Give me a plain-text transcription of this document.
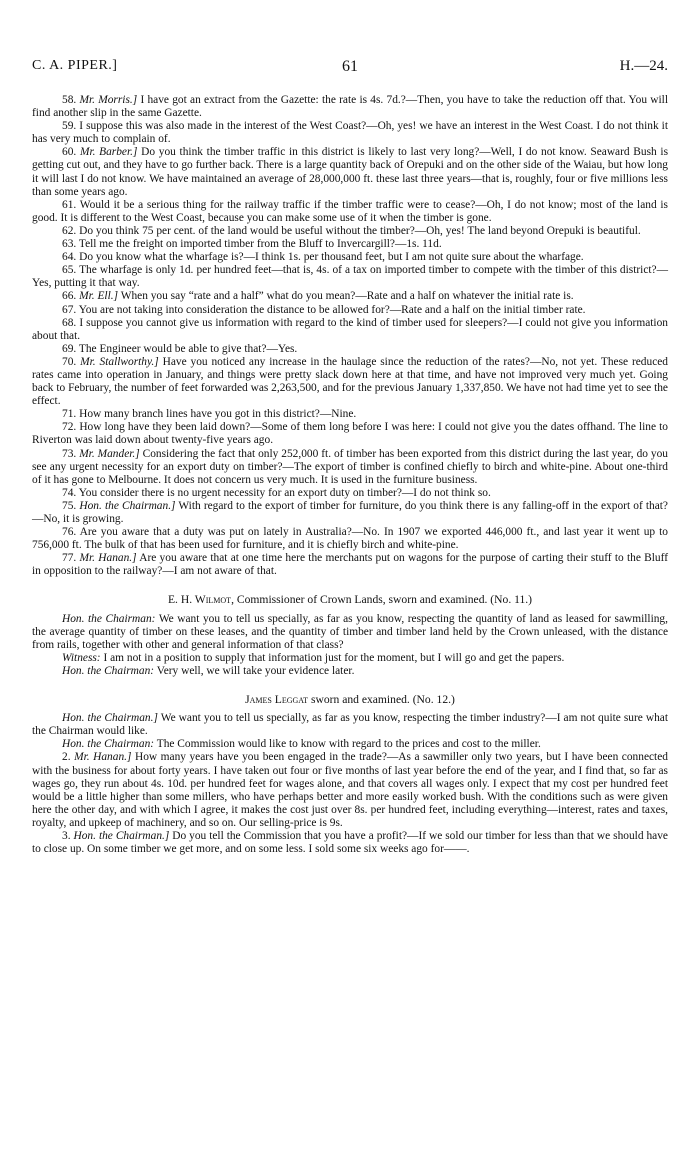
C. A. PIPER.]	61	H.—24.

58. Mr. Morris.] I have got an extract from the Gazette: the rate is 4s. 7d.?—Then, you have to take the reduction off that. You will find another slip in the same Gazette.

59. I suppose this was also made in the interest of the West Coast?—Oh, yes! we have an interest in the West Coast. I do not think it has very much to complain of.

60. Mr. Barber.] Do you think the timber traffic in this district is likely to last very long?—Well, I do not know. Seaward Bush is getting cut out, and they have to go further back. There is a large quantity back of Orepuki and on the other side of the Waiau, but how long it will last I do not know. We have maintained an average of 28,000,000 ft. these last three years—that is, roughly, four or five millions less than some years ago.

61. Would it be a serious thing for the railway traffic if the timber traffic were to cease?—Oh, I do not know; most of the land is good. It is different to the West Coast, because you can make some use of it when the timber is gone.

62. Do you think 75 per cent. of the land would be useful without the timber?—Oh, yes! The land beyond Orepuki is beautiful.

63. Tell me the freight on imported timber from the Bluff to Invercargill?—1s. 11d.

64. Do you know what the wharfage is?—I think 1s. per thousand feet, but I am not quite sure about the wharfage.

65. The wharfage is only 1d. per hundred feet—that is, 4s. of a tax on imported timber to compete with the timber of this district?—Yes, putting it that way.

66. Mr. Ell.] When you say “rate and a half” what do you mean?—Rate and a half on whatever the initial rate is.

67. You are not taking into consideration the distance to be allowed for?—Rate and a half on the initial timber rate.

68. I suppose you cannot give us information with regard to the kind of timber used for sleepers?—I could not give you information about that.

69. The Engineer would be able to give that?—Yes.

70. Mr. Stallworthy.] Have you noticed any increase in the haulage since the reduction of the rates?—No, not yet. These reduced rates came into operation in January, and things were pretty slack down here at that time, and have not improved very much yet. Going back to February, the number of feet forwarded was 2,263,500, and for the previous January 1,337,850. We have not had time yet to see the effect.

71. How many branch lines have you got in this district?—Nine.

72. How long have they been laid down?—Some of them long before I was here: I could not give you the dates offhand. The line to Riverton was laid down about twenty-five years ago.

73. Mr. Mander.] Considering the fact that only 252,000 ft. of timber has been exported from this district during the last year, do you see any urgent necessity for an export duty on timber?—The export of timber is confined chiefly to birch and white-pine. About one-third of it has gone to Melbourne. It does not concern us very much. It is used in the furniture business.

74. You consider there is no urgent necessity for an export duty on timber?—I do not think so.

75. Hon. the Chairman.] With regard to the export of timber for furniture, do you think there is any falling-off in the export of that?—No, it is growing.

76. Are you aware that a duty was put on lately in Australia?—No. In 1907 we exported 446,000 ft., and last year it went up to 756,000 ft. The bulk of that has been used for furniture, and it is chiefly birch and white-pine.

77. Mr. Hanan.] Are you aware that at one time here the merchants put on wagons for the purpose of carting their stuff to the Bluff in opposition to the railway?—I am not aware of that.

E. H. Wilmot, Commissioner of Crown Lands, sworn and examined. (No. 11.)

Hon. the Chairman: We want you to tell us specially, as far as you know, respecting the quantity of land as leased for sawmilling, the average quantity of timber on these leases, and the quantity of timber and timber land held by the Crown unleased, with the distance from rails, together with other and general information of that class?

Witness: I am not in a position to supply that information just for the moment, but I will go and get the papers.

Hon. the Chairman: Very well, we will take your evidence later.

James Leggat sworn and examined. (No. 12.)

Hon. the Chairman.] We want you to tell us specially, as far as you know, respecting the timber industry?—I am not quite sure what the Chairman would like.

Hon. the Chairman: The Commission would like to know with regard to the prices and cost to the miller.

2. Mr. Hanan.] How many years have you been engaged in the trade?—As a sawmiller only two years, but I have been connected with the business for about forty years. I have taken out four or five months of last year before the end of the year, and I find that, so far as wages go, they run about 4s. 10d. per hundred feet for wages alone, and that covers all wages only. I expect that my cost per hundred feet would be a little higher than some millers, who have perhaps better and more easily worked bush. With the conditions such as were given here the other day, and with which I agree, it makes the cost just over 8s. per hundred feet, including everything—interest, rates and taxes, royalty, and upkeep of machinery, and so on. Our selling-price is 9s.

3. Hon. the Chairman.] Do you tell the Commission that you have a profit?—If we sold our timber for less than that we should have to close up. On some timber we get more, and on some less. I sold some six weeks ago for——.
